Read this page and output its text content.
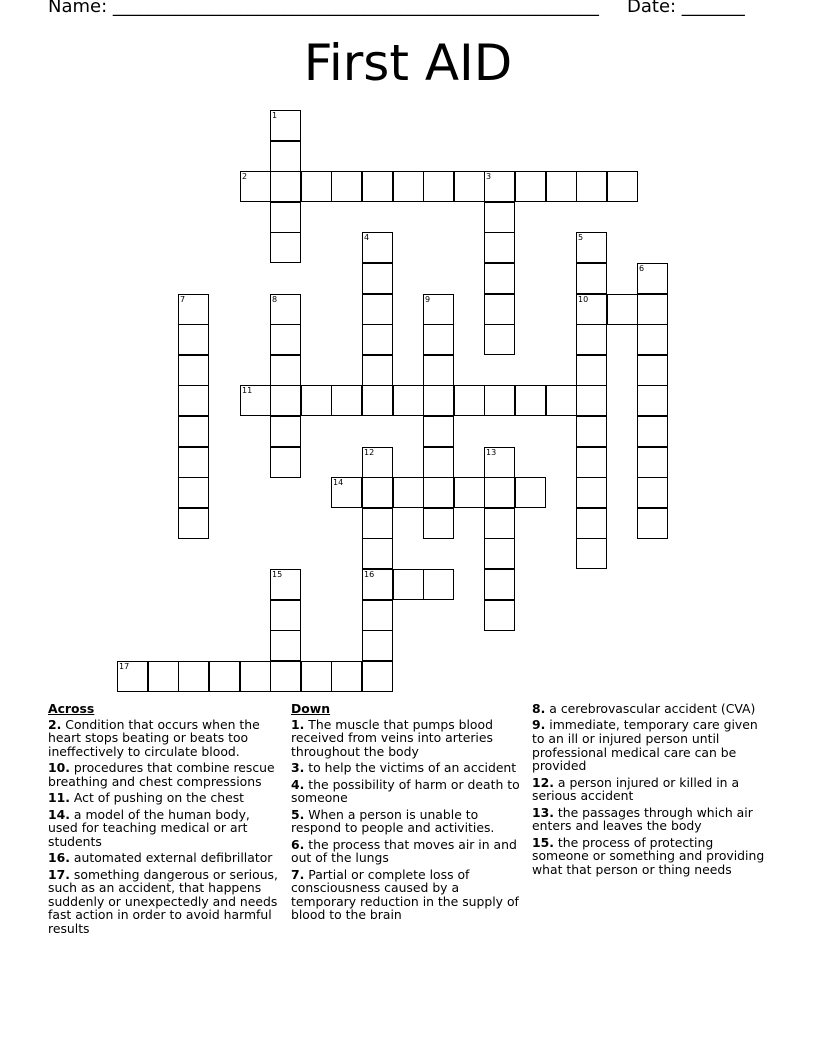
Name: ______________________________________________________ Date: _______
First AID
1
2	3
4	5
6
7	8	9	10
11
12	13
14
15	16
17
Across
2. Condition that occurs when the heart stops beating or beats too ineffectively to circulate blood.
10. procedures that combine rescue breathing and chest compressions
11. Act of pushing on the chest
14. a model of the human body, used for teaching medical or art students
16. automated external defibrillator
17. something dangerous or serious, such as an accident, that happens suddenly or unexpectedly and needs fast action in order to avoid harmful results
Down
1. The muscle that pumps blood received from veins into arteries throughout the body
3. to help the victims of an accident
4. the possibility of harm or death to someone
5. When a person is unable to respond to people and activities.
6. the process that moves air in and out of the lungs
7. Partial or complete loss of consciousness caused by a temporary reduction in the supply of blood to the brain
8. a cerebrovascular accident (CVA)
9. immediate, temporary care given to an ill or injured person until professional medical care can be provided
12. a person injured or killed in a serious accident
13. the passages through which air enters and leaves the body
15. the process of protecting someone or something and providing what that person or thing needs
